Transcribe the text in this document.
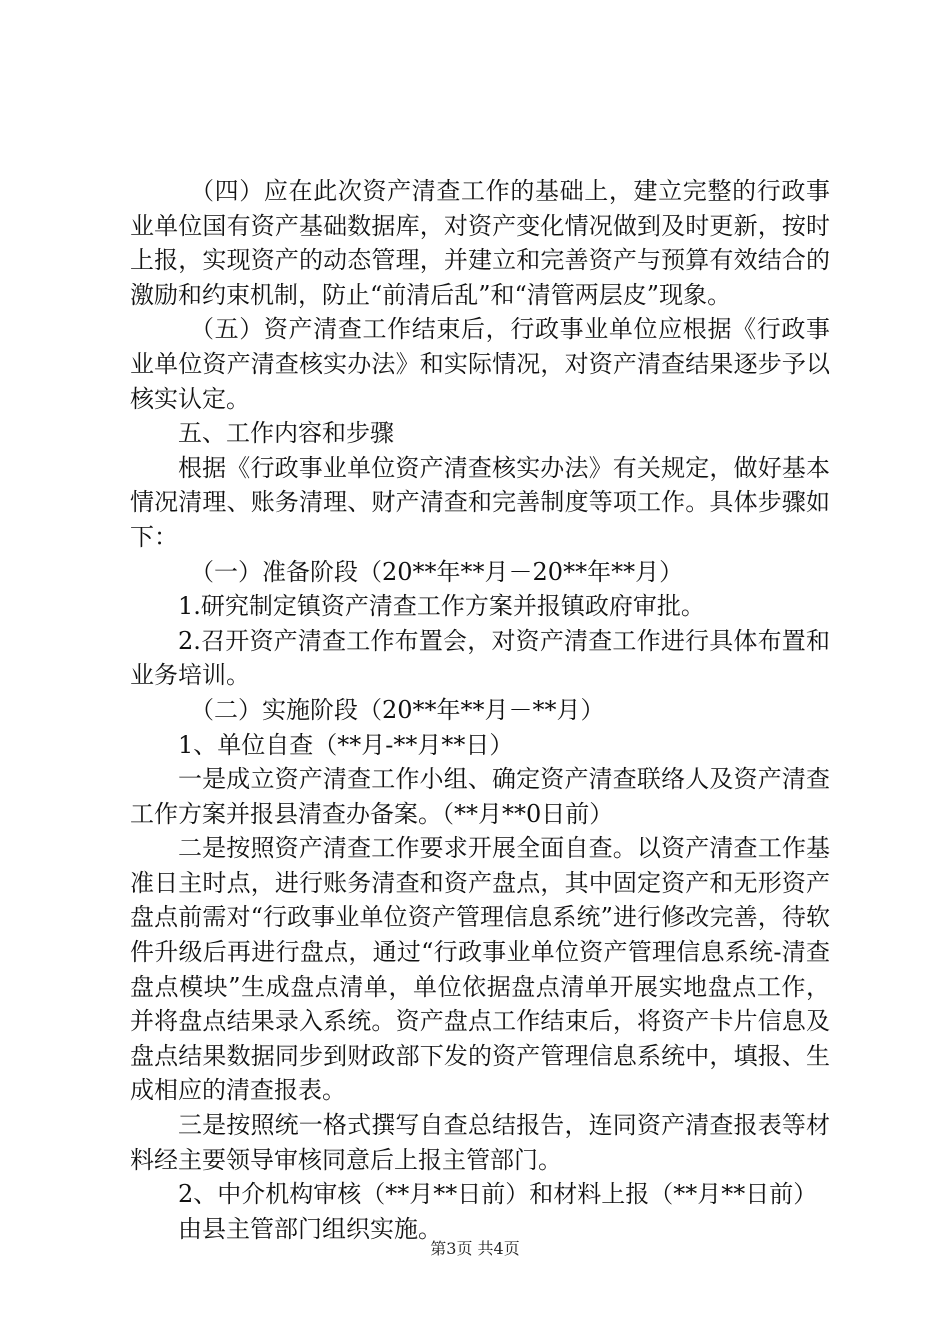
（四）应在此次资产清查工作的基础上，建立完整的行政事业单位国有资产基础数据库，对资产变化情况做到及时更新，按时上报，实现资产的动态管理，并建立和完善资产与预算有效结合的激励和约束机制，防止“前清后乱”和“清管两层皮”现象。

（五）资产清查工作结束后，行政事业单位应根据《行政事业单位资产清查核实办法》和实际情况，对资产清查结果逐步予以核实认定。

五、工作内容和步骤

根据《行政事业单位资产清查核实办法》有关规定，做好基本情况清理、账务清理、财产清查和完善制度等项工作。具体步骤如下：

（一）准备阶段（20**年**月－20**年**月）

1.研究制定镇资产清查工作方案并报镇政府审批。

2.召开资产清查工作布置会，对资产清查工作进行具体布置和业务培训。

（二）实施阶段（20**年**月－**月）

1、单位自查（**月-**月**日）

一是成立资产清查工作小组、确定资产清查联络人及资产清查工作方案并报县清查办备案。（**月**0日前）

二是按照资产清查工作要求开展全面自查。以资产清查工作基准日主时点，进行账务清查和资产盘点，其中固定资产和无形资产盘点前需对“行政事业单位资产管理信息系统”进行修改完善，待软件升级后再进行盘点，通过“行政事业单位资产管理信息系统-清查盘点模块”生成盘点清单，单位依据盘点清单开展实地盘点工作，并将盘点结果录入系统。资产盘点工作结束后，将资产卡片信息及盘点结果数据同步到财政部下发的资产管理信息系统中，填报、生成相应的清查报表。

三是按照统一格式撰写自查总结报告，连同资产清查报表等材料经主要领导审核同意后上报主管部门。

2、中介机构审核（**月**日前）和材料上报（**月**日前）

由县主管部门组织实施。

第3页 共4页
